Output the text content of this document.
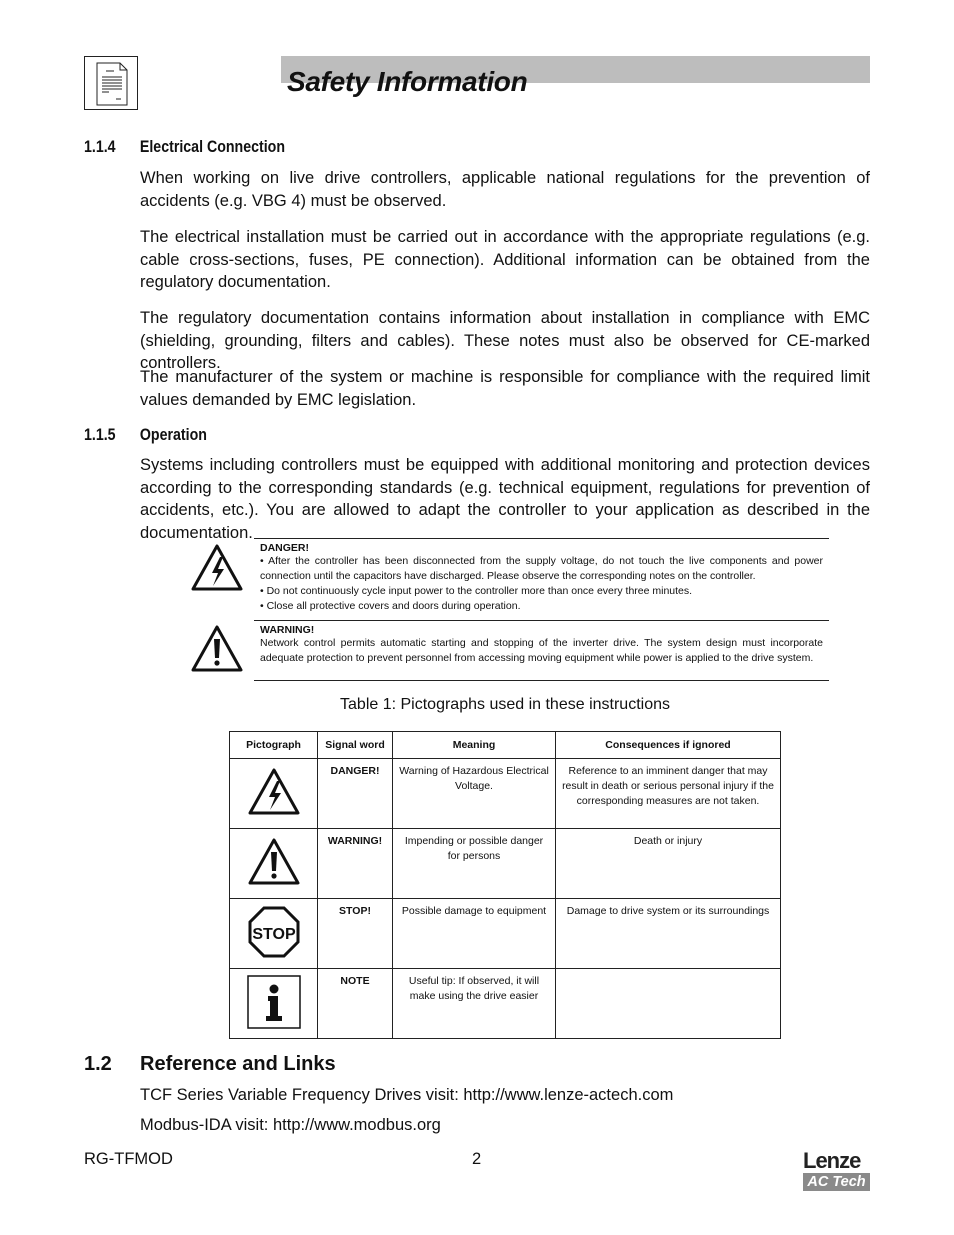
Safety Information
1.1.4 Electrical Connection
When working on live drive controllers, applicable national regulations for the prevention of accidents (e.g. VBG 4) must be observed.
The electrical installation must be carried out in accordance with the appropriate regulations (e.g. cable cross-sections, fuses, PE connection). Additional information can be obtained from the regulatory documentation.
The regulatory documentation contains information about installation in compliance with EMC (shielding, grounding, filters and cables). These notes must also be observed for CE-marked controllers.
The manufacturer of the system or machine is responsible for compliance with the required limit values demanded by EMC legislation.
1.1.5 Operation
Systems including controllers must be equipped with additional monitoring and protection devices according to the corresponding standards (e.g. technical equipment, regulations for prevention of accidents, etc.). You are allowed to adapt the controller to your application as described in the documentation.
DANGER!
• After the controller has been disconnected from the supply voltage, do not touch the live components and power connection until the capacitors have discharged. Please observe the corresponding notes on the controller.
• Do not continuously cycle input power to the controller more than once every three minutes.
• Close all protective covers and doors during operation.
WARNING!
Network control permits automatic starting and stopping of the inverter drive. The system design must incorporate adequate protection to prevent personnel from accessing moving equipment while power is applied to the drive system.
Table 1: Pictographs used in these instructions
Pictograph	Signal word	Meaning	Consequences if ignored

DANGER!	Warning of Hazardous Electrical Voltage.	Reference to an imminent danger that may result in death or serious personal injury if the corresponding measures are not taken.

WARNING!	Impending or possible danger for persons	Death or injury

STOP	STOP!	Possible damage to equipment	Damage to drive system or its surroundings

NOTE	Useful tip: If observed, it will make using the drive easier	

1.2 Reference and Links
TCF Series Variable Frequency Drives visit: http://www.lenze-actech.com
Modbus-IDA visit: http://www.modbus.org
RG-TFMOD	2	Lenze
AC Tech
